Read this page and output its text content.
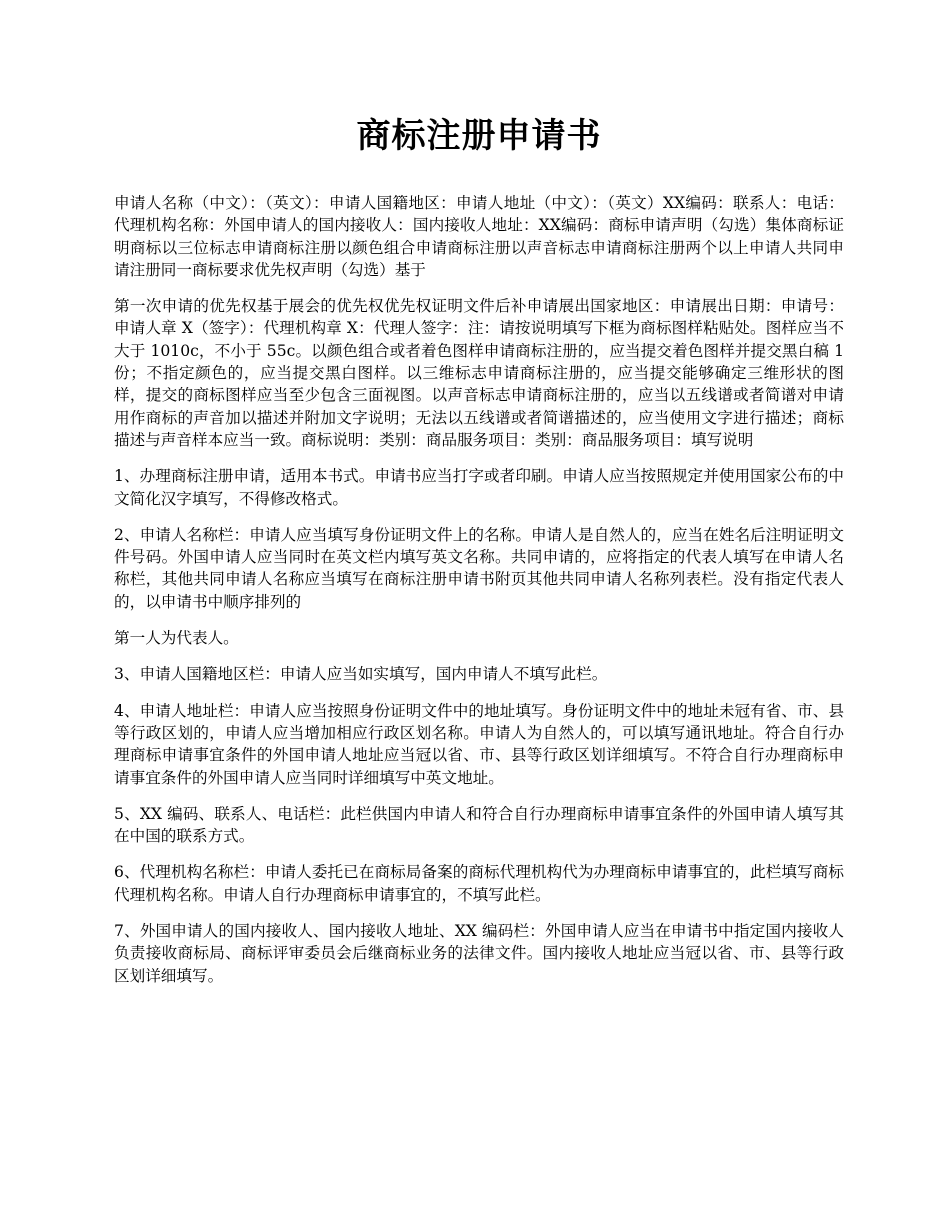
商标注册申请书

申请人名称（中文）：（英文）：申请人国籍地区：申请人地址（中文）：（英文）XX编码：联系人：电话：代理机构名称：外国申请人的国内接收人：国内接收人地址：XX编码：商标申请声明（勾选）集体商标证明商标以三位标志申请商标注册以颜色组合申请商标注册以声音标志申请商标注册两个以上申请人共同申请注册同一商标要求优先权声明（勾选）基于

第一次申请的优先权基于展会的优先权优先权证明文件后补申请展出国家地区：申请展出日期：申请号：申请人章 X（签字）：代理机构章 X：代理人签字：注：请按说明填写下框为商标图样粘贴处。图样应当不大于 1010c，不小于 55c。以颜色组合或者着色图样申请商标注册的，应当提交着色图样并提交黑白稿 1 份；不指定颜色的，应当提交黑白图样。以三维标志申请商标注册的，应当提交能够确定三维形状的图样，提交的商标图样应当至少包含三面视图。以声音标志申请商标注册的，应当以五线谱或者简谱对申请用作商标的声音加以描述并附加文字说明；无法以五线谱或者简谱描述的，应当使用文字进行描述；商标描述与声音样本应当一致。商标说明：类别：商品服务项目：类别：商品服务项目：填写说明

1、办理商标注册申请，适用本书式。申请书应当打字或者印刷。申请人应当按照规定并使用国家公布的中文简化汉字填写，不得修改格式。

2、申请人名称栏：申请人应当填写身份证明文件上的名称。申请人是自然人的，应当在姓名后注明证明文件号码。外国申请人应当同时在英文栏内填写英文名称。共同申请的，应将指定的代表人填写在申请人名称栏，其他共同申请人名称应当填写在商标注册申请书附页其他共同申请人名称列表栏。没有指定代表人的，以申请书中顺序排列的

第一人为代表人。

3、申请人国籍地区栏：申请人应当如实填写，国内申请人不填写此栏。

4、申请人地址栏：申请人应当按照身份证明文件中的地址填写。身份证明文件中的地址未冠有省、市、县等行政区划的，申请人应当增加相应行政区划名称。申请人为自然人的，可以填写通讯地址。符合自行办理商标申请事宜条件的外国申请人地址应当冠以省、市、县等行政区划详细填写。不符合自行办理商标申请事宜条件的外国申请人应当同时详细填写中英文地址。

5、XX 编码、联系人、电话栏：此栏供国内申请人和符合自行办理商标申请事宜条件的外国申请人填写其在中国的联系方式。

6、代理机构名称栏：申请人委托已在商标局备案的商标代理机构代为办理商标申请事宜的，此栏填写商标代理机构名称。申请人自行办理商标申请事宜的，不填写此栏。

7、外国申请人的国内接收人、国内接收人地址、XX 编码栏：外国申请人应当在申请书中指定国内接收人负责接收商标局、商标评审委员会后继商标业务的法律文件。国内接收人地址应当冠以省、市、县等行政区划详细填写。
